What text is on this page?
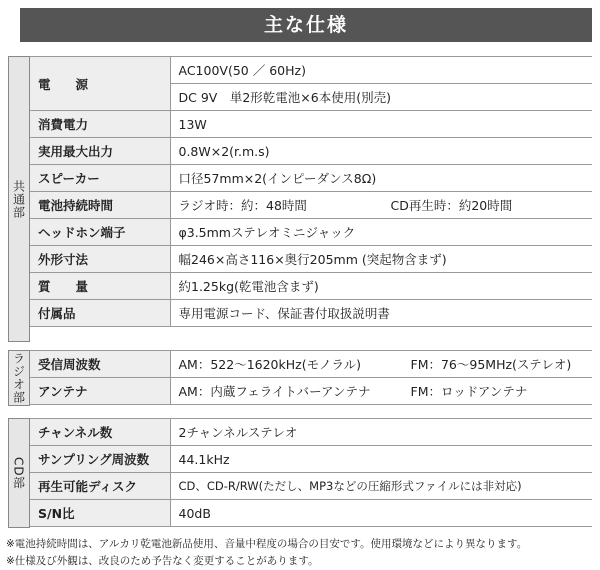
主な仕様
共通部
電　　源	AC100V(50 ／ 60Hz)
	DC 9V　単2形乾電池×6本使用(別売)
消費電力	13W
実用最大出力	0.8W×2(r.m.s)
スピーカー	口径57mm×2(インピーダンス8Ω)
電池持続時間	ラジオ時：約：48時間 CD再生時：約20時間
ヘッドホン端子	φ3.5mmステレオミニジャック
外形寸法	幅246×高さ116×奥行205mm (突起物含まず)
質　　量	約1.25kg(乾電池含まず)
付属品	専用電源コード、保証書付取扱説明書
ラジオ部 受信周波数	AM：522〜1620kHz(モノラル) FM：76〜95MHz(ステレオ)
アンテナ	AM：内蔵フェライトバーアンテナ FM：ロッドアンテナ
CD部
チャンネル数	2チャンネルステレオ
サンプリング周波数	44.1kHz
再生可能ディスク	CD、CD-R/RW(ただし、MP3などの圧縮形式ファイルには非対応)
S/N比	40dB
※電池持続時間は、アルカリ乾電池新品使用、音量中程度の場合の目安です。使用環境などにより異なります。
※仕様及び外観は、改良のため予告なく変更することがあります。
